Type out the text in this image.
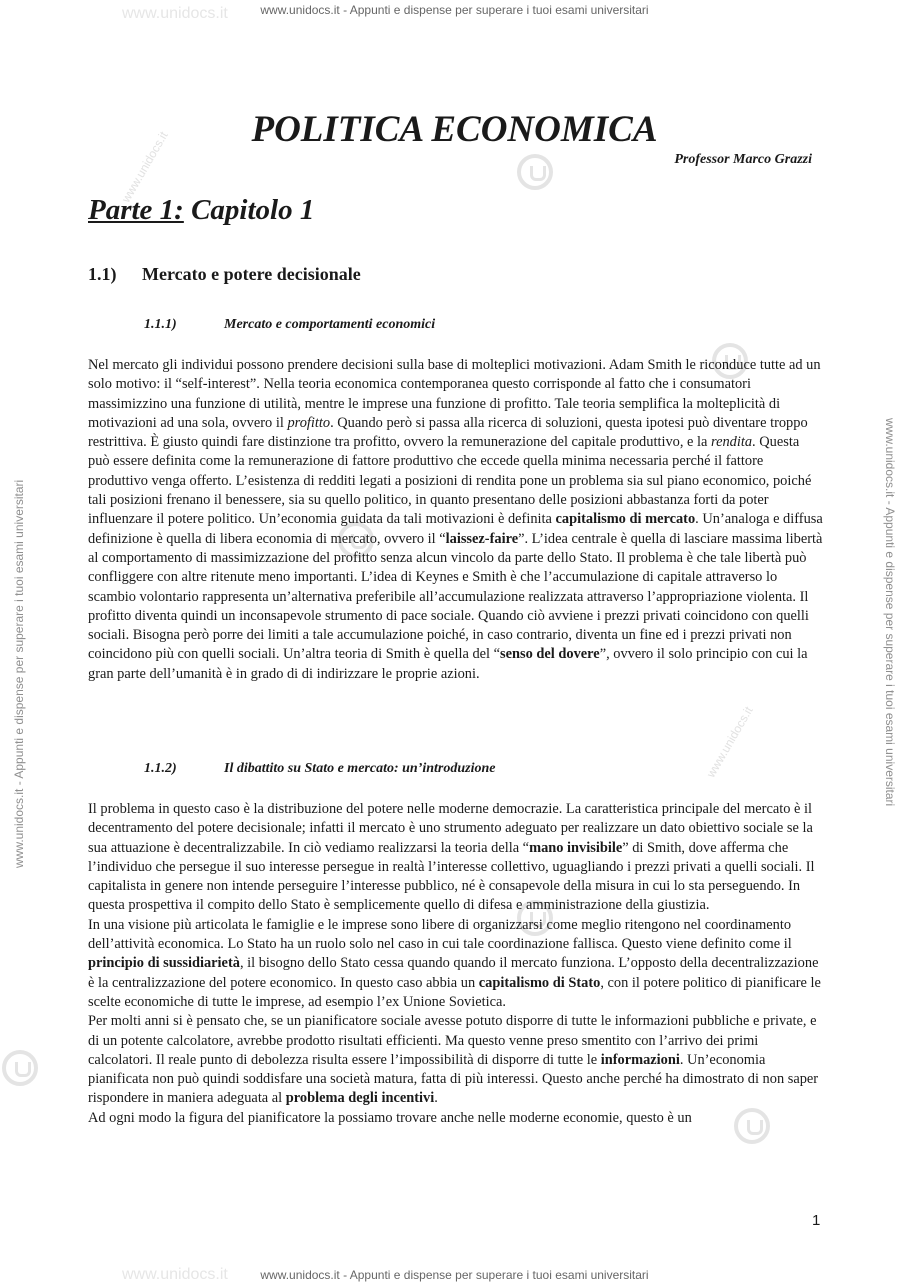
www.unidocs.it - Appunti e dispense per superare i tuoi esami universitari
www.unidocs.it - Appunti e dispense per superare i tuoi esami universitari
www.unidocs.it
www.unidocs.it
www.unidocs.it - Appunti e dispense per superare i tuoi esami universitari	www.unidocs.it - Appunti e dispense per superare i tuoi esami universitari
www.unidocs.it
www.unidocs.it
POLITICA ECONOMICA
Professor Marco Grazzi
Parte 1: Capitolo 1
1.1) Mercato e potere decisionale
1.1.1)	Mercato e comportamenti economici

Nel mercato gli individui possono prendere decisioni sulla base di molteplici motivazioni. Adam Smith le riconduce tutte ad un solo motivo: il “self-interest”. Nella teoria economica contemporanea questo corrisponde al fatto che i consumatori massimizzino una funzione di utilità, mentre le imprese una funzione di profitto. Tale teoria semplifica la molteplicità di motivazioni ad una sola, ovvero il profitto. Quando però si passa alla ricerca di soluzioni, questa ipotesi può diventare troppo restrittiva. È giusto quindi fare distinzione tra profitto, ovvero la remunerazione del capitale produttivo, e la rendita. Questa può essere definita come la remunerazione di fattore produttivo che eccede quella minima necessaria perché il fattore produttivo venga offerto. L’esistenza di redditi legati a posizioni di rendita pone un problema sia sul piano economico, poiché tali posizioni frenano il benessere, sia su quello politico, in quanto presentano delle posizioni abbastanza forti da poter influenzare il potere politico. Un’economia guidata da tali motivazioni è definita capitalismo di mercato. Un’analoga e diffusa definizione è quella di libera economia di mercato, ovvero il “laissez-faire”. L’idea centrale è quella di lasciare massima libertà al comportamento di massimizzazione del profitto senza alcun vincolo da parte dello Stato. Il problema è che tale libertà può confliggere con altre ritenute meno importanti. L’idea di Keynes e Smith è che l’accumulazione di capitale attraverso lo scambio volontario rappresenta un’alternativa preferibile all’accumulazione realizzata attraverso l’appropriazione violenta. Il profitto diventa quindi un inconsapevole strumento di pace sociale. Quando ciò avviene i prezzi privati coincidono con quelli sociali. Bisogna però porre dei limiti a tale accumulazione poiché, in caso contrario, diventa un fine ed i prezzi privati non coincidono più con quelli sociali. Un’altra teoria di Smith è quella del “senso del dovere”, ovvero il solo principio con cui la gran parte dell’umanità è in grado di di indirizzare le proprie azioni.

1.1.2)	Il dibattito su Stato e mercato: un’introduzione

Il problema in questo caso è la distribuzione del potere nelle moderne democrazie. La caratteristica principale del mercato è il decentramento del potere decisionale; infatti il mercato è uno strumento adeguato per realizzare un dato obiettivo sociale se la sua attuazione è decentralizzabile. In ciò vediamo realizzarsi la teoria della “mano invisibile” di Smith, dove afferma che l’individuo che persegue il suo interesse persegue in realtà l’interesse collettivo, uguagliando i prezzi privati a quelli sociali. Il capitalista in genere non intende perseguire l’interesse pubblico, né è consapevole della misura in cui lo sta perseguendo. In questa prospettiva il compito dello Stato è semplicemente quello di difesa e amministrazione della giustizia.

In una visione più articolata le famiglie e le imprese sono libere di organizzarsi come meglio ritengono nel coordinamento dell’attività economica. Lo Stato ha un ruolo solo nel caso in cui tale coordinazione fallisca. Questo viene definito come il principio di sussidiarietà, il bisogno dello Stato cessa quando quando il mercato funziona. L’opposto della decentralizzazione è la centralizzazione del potere economico. In questo caso abbia un capitalismo di Stato, con il potere politico di pianificare le scelte economiche di tutte le imprese, ad esempio l’ex Unione Sovietica.

Per molti anni si è pensato che, se un pianificatore sociale avesse potuto disporre di tutte le informazioni pubbliche e private, e di un potente calcolatore, avrebbe prodotto risultati efficienti. Ma questo venne preso smentito con l’arrivo dei primi calcolatori. Il reale punto di debolezza risulta essere l’impossibilità di disporre di tutte le informazioni. Un’economia pianificata non può quindi soddisfare una società matura, fatta di più interessi. Questo anche perché ha dimostrato di non saper rispondere in maniera adeguata al problema degli incentivi.

Ad ogni modo la figura del pianificatore la possiamo trovare anche nelle moderne economie, questo è un

1
